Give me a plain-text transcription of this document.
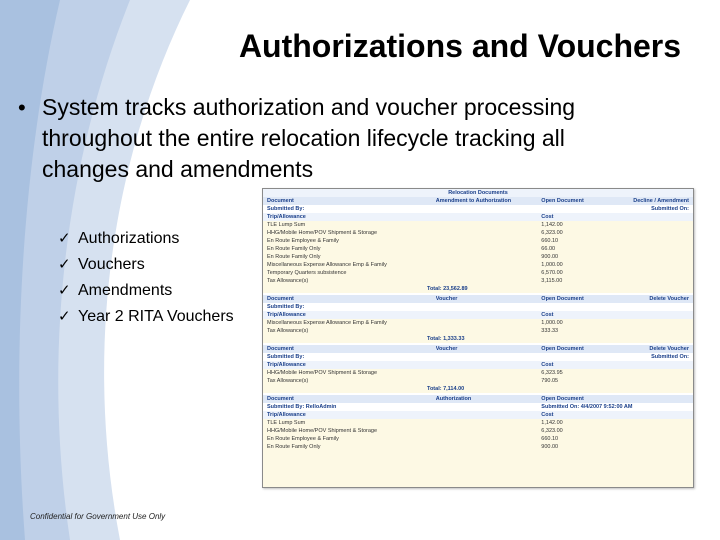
Authorizations and Vouchers
• System tracks authorization and voucher processing throughout the entire relocation lifecycle tracking all changes and amendments
✓ Authorizations
✓ Vouchers
✓ Amendments
✓ Year 2 RITA Vouchers
Relocation Documents
Document	Amendment to Authorization	Open Document	Decline / Amendment
Submitted By:	Submitted On:
Trip/Allowance	Cost
TLE Lump Sum	1,142.00
HHG/Mobile Home/POV Shipment & Storage	6,323.00
En Route Employee & Family	660.10
En Route Family Only	66.00
En Route Family Only	900.00
Miscellaneous Expense Allowance Emp & Family	1,000.00
Temporary Quarters subsistence	6,570.00
Tax Allowance(s)	3,115.00
Total: 23,562.89
Document	Voucher	Open Document	Delete Voucher
Submitted By:
Trip/Allowance	Cost
Miscellaneous Expense Allowance Emp & Family	1,000.00
Tax Allowance(s)	333.33
Total: 1,333.33
Document	Voucher	Open Document	Delete Voucher
Submitted By:	Submitted On:
Trip/Allowance	Cost
HHG/Mobile Home/POV Shipment & Storage	6,323.95
Tax Allowance(s)	790.05
Total: 7,114.00
Document	Authorization	Open Document
Submitted By: RelloAdmin	Submitted On: 4/4/2007 9:52:00 AM
Trip/Allowance	Cost
TLE Lump Sum	1,142.00
HHG/Mobile Home/POV Shipment & Storage	6,323.00
En Route Employee & Family	660.10
En Route Family Only	900.00
Confidential for Government Use Only
